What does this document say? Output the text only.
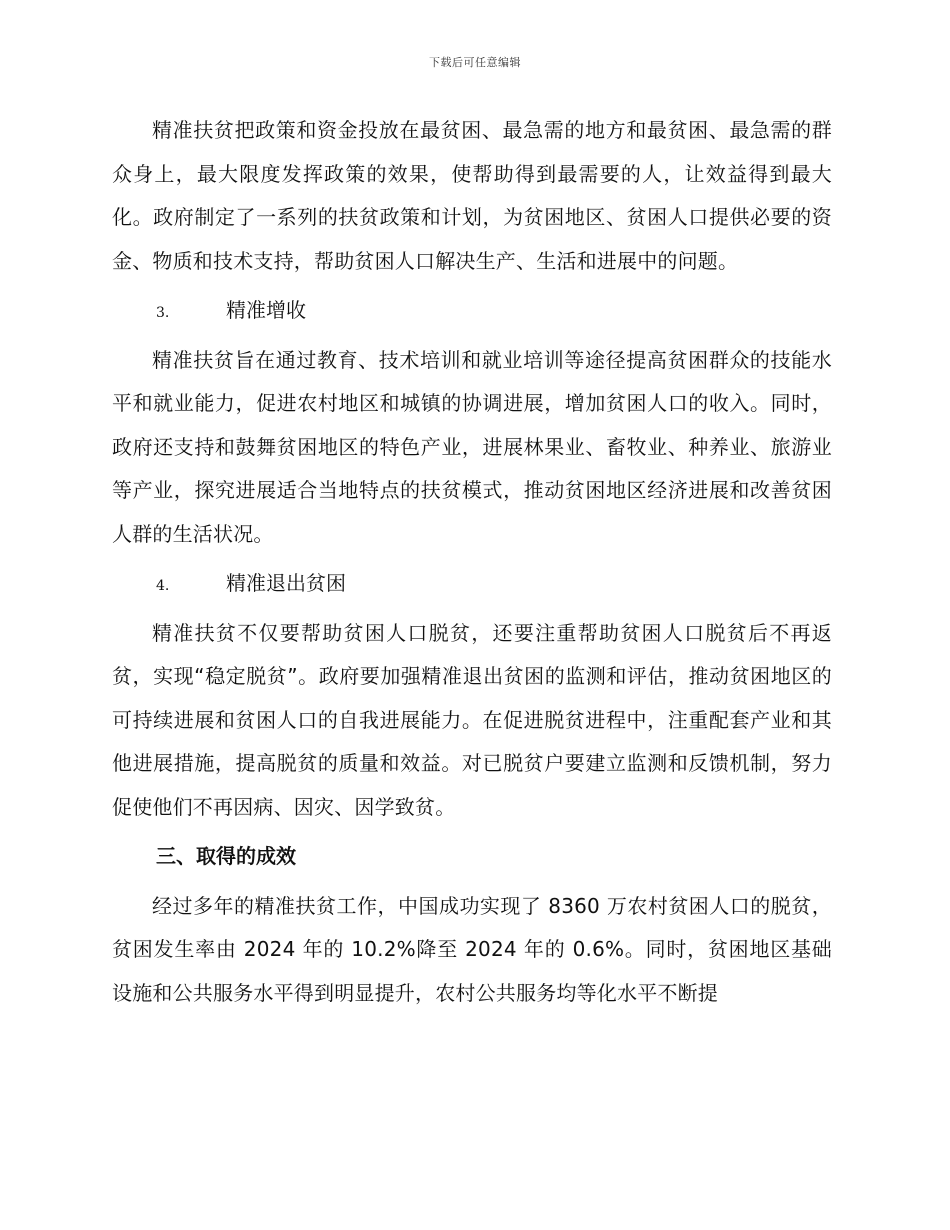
下载后可任意编辑

精准扶贫把政策和资金投放在最贫困、最急需的地方和最贫困、最急需的群众身上，最大限度发挥政策的效果，使帮助得到最需要的人，让效益得到最大化。政府制定了一系列的扶贫政策和计划，为贫困地区、贫困人口提供必要的资金、物质和技术支持，帮助贫困人口解决生产、生活和进展中的问题。

3.	精准增收

精准扶贫旨在通过教育、技术培训和就业培训等途径提高贫困群众的技能水平和就业能力，促进农村地区和城镇的协调进展，增加贫困人口的收入。同时，政府还支持和鼓舞贫困地区的特色产业，进展林果业、畜牧业、种养业、旅游业等产业，探究进展适合当地特点的扶贫模式，推动贫困地区经济进展和改善贫困人群的生活状况。

4.	精准退出贫困

精准扶贫不仅要帮助贫困人口脱贫，还要注重帮助贫困人口脱贫后不再返贫，实现“稳定脱贫”。政府要加强精准退出贫困的监测和评估，推动贫困地区的可持续进展和贫困人口的自我进展能力。在促进脱贫进程中，注重配套产业和其他进展措施，提高脱贫的质量和效益。对已脱贫户要建立监测和反馈机制，努力促使他们不再因病、因灾、因学致贫。

三、取得的成效

经过多年的精准扶贫工作，中国成功实现了 8360 万农村贫困人口的脱贫，贫困发生率由 2024 年的 10.2%降至 2024 年的 0.6%。同时，贫困地区基础设施和公共服务水平得到明显提升，农村公共服务均等化水平不断提
